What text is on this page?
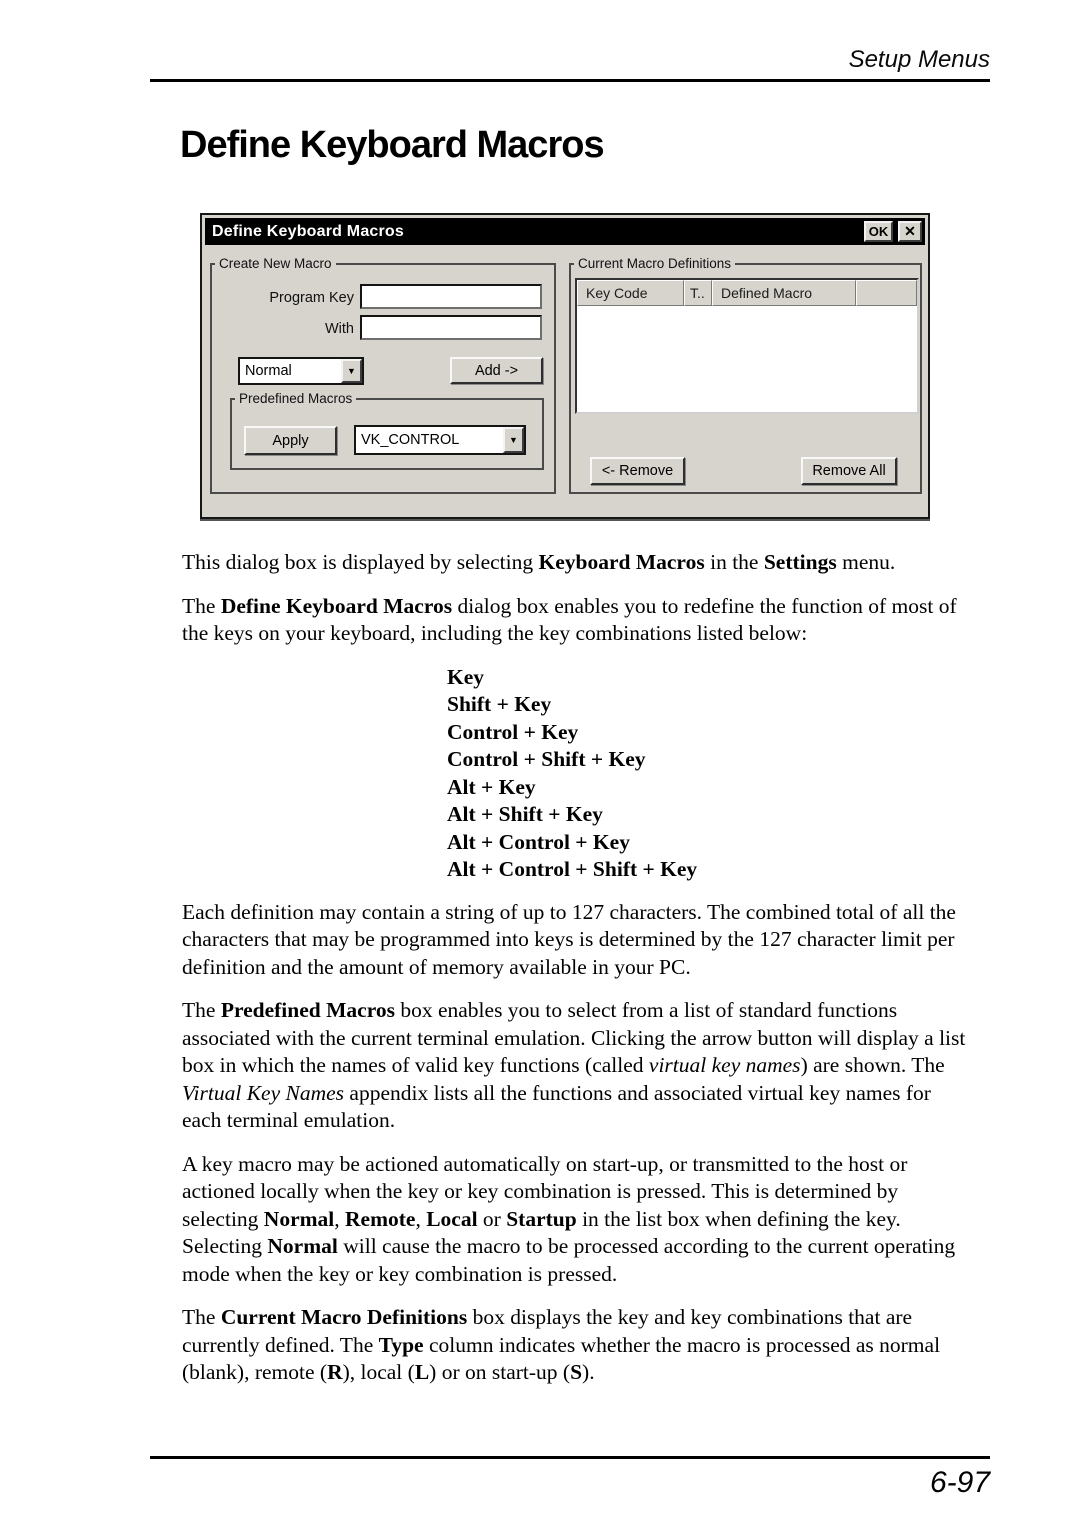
Setup Menus
Define Keyboard Macros
Define Keyboard Macros	OK	✕
Create New Macro
Program Key
With
Normal	▼	Add ->
Predefined Macros
Apply	VK_CONTROL	▼
Current Macro Definitions
Key Code	T..	Defined Macro
<- Remove	Remove All

This dialog box is displayed by selecting Keyboard Macros in the Settings menu.

The Define Keyboard Macros dialog box enables you to redefine the function of most of the keys on your keyboard, including the key combinations listed below:

Key
Shift + Key
Control + Key
Control + Shift + Key
Alt + Key
Alt + Shift + Key
Alt + Control + Key
Alt + Control + Shift + Key

Each definition may contain a string of up to 127 characters. The combined total of all the characters that may be programmed into keys is determined by the 127 character limit per definition and the amount of memory available in your PC.

The Predefined Macros box enables you to select from a list of standard functions associated with the current terminal emulation. Clicking the arrow button will display a list box in which the names of valid key functions (called virtual key names) are shown. The Virtual Key Names appendix lists all the functions and associated virtual key names for each terminal emulation.

A key macro may be actioned automatically on start-up, or transmitted to the host or actioned locally when the key or key combination is pressed. This is determined by selecting Normal, Remote, Local or Startup in the list box when defining the key. Selecting Normal will cause the macro to be processed according to the current operating mode when the key or key combination is pressed.

The Current Macro Definitions box displays the key and key combinations that are currently defined. The Type column indicates whether the macro is processed as normal (blank), remote (R), local (L) or on start-up (S).

6-97
